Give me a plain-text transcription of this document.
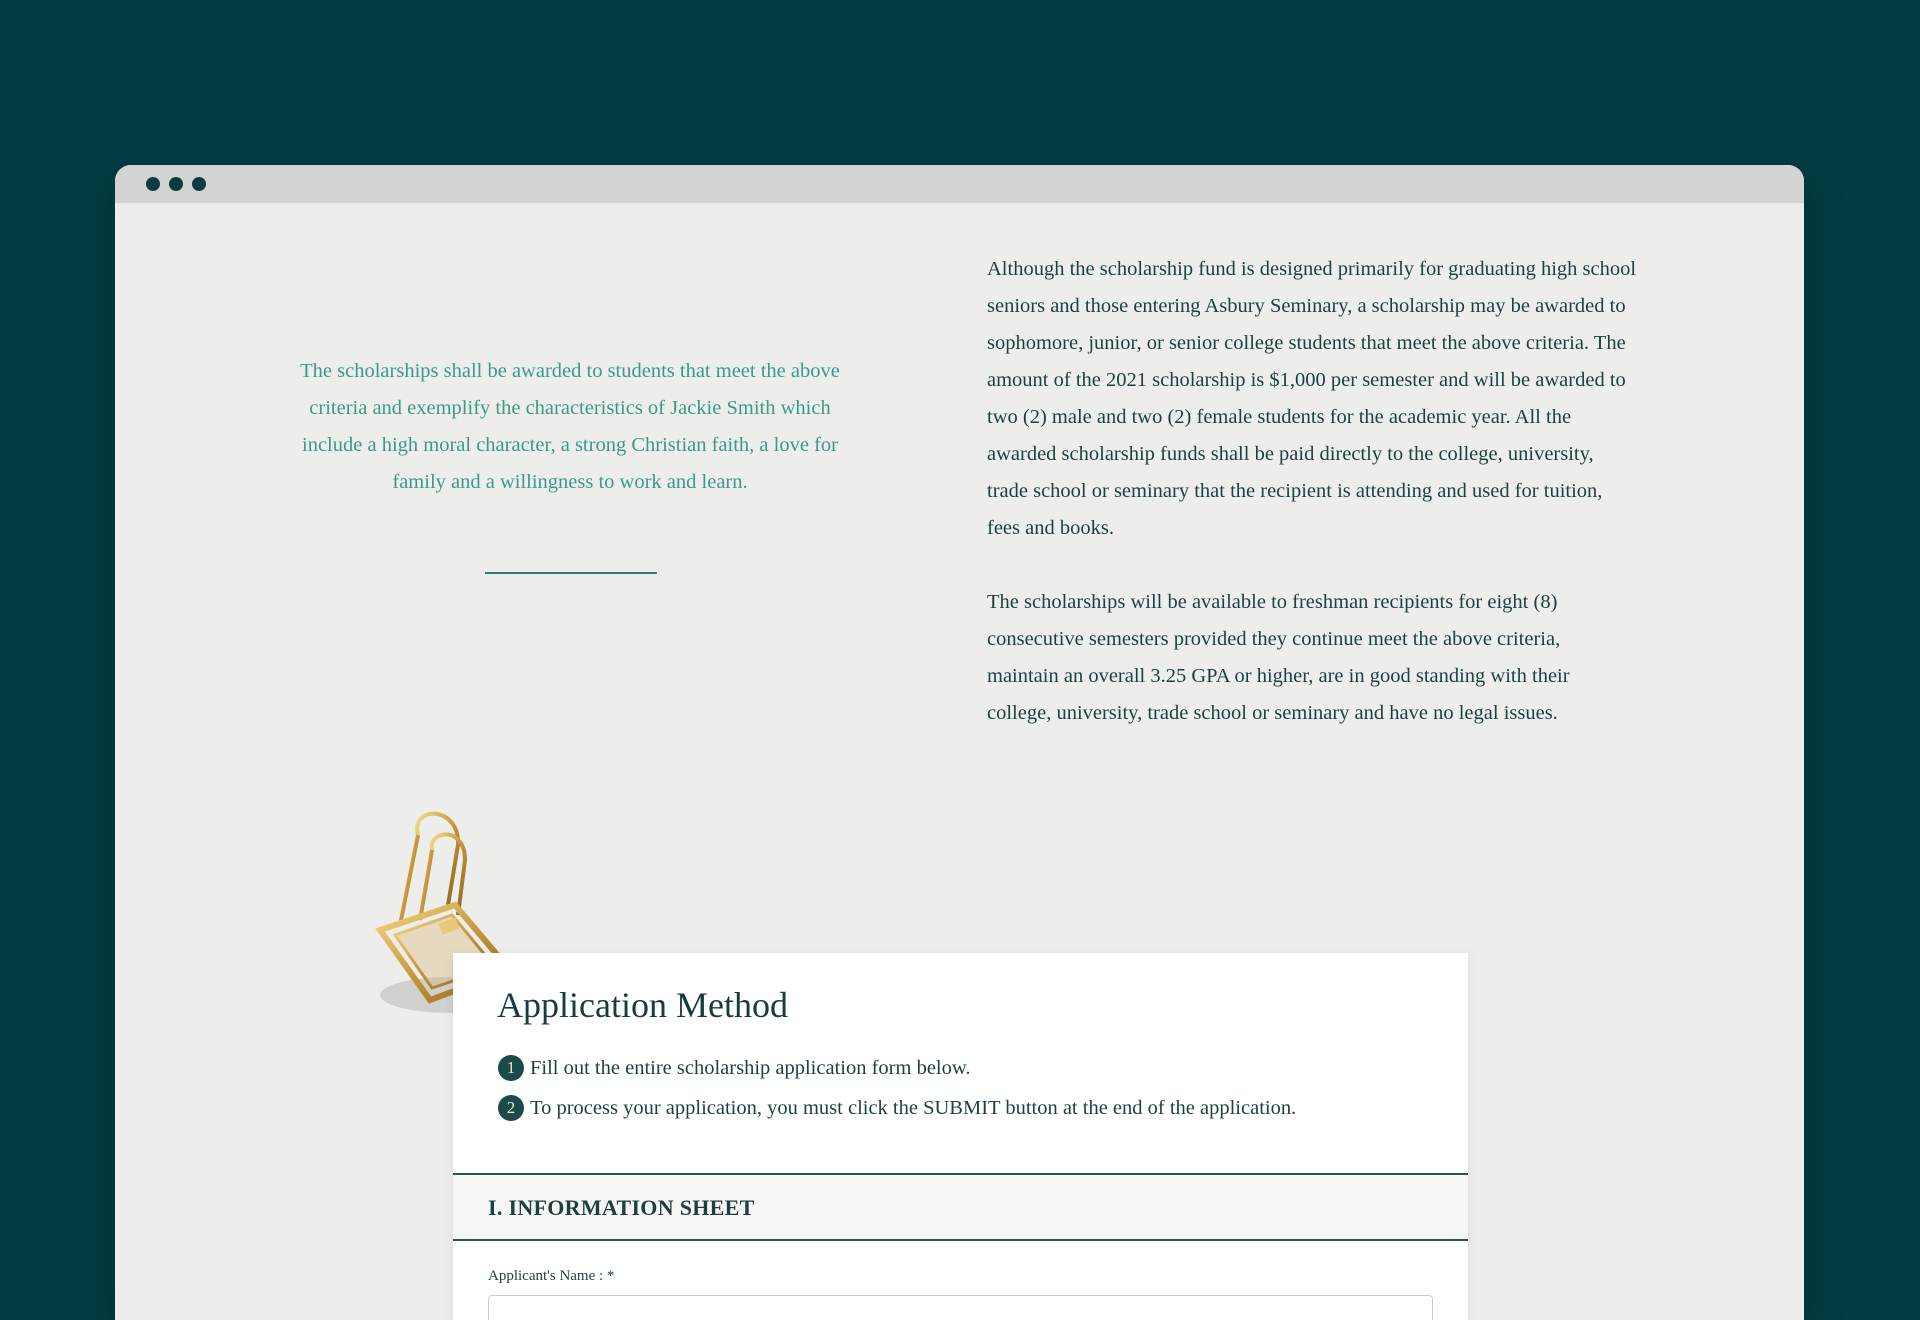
The scholarships shall be awarded to students that meet the above criteria and exemplify the characteristics of Jackie Smith which include a high moral character, a strong Christian faith, a love for family and a willingness to work and learn.

Although the scholarship fund is designed primarily for graduating high school seniors and those entering Asbury Seminary, a scholarship may be awarded to sophomore, junior, or senior college students that meet the above criteria. The amount of the 2021 scholarship is $1,000 per semester and will be awarded to two (2) male and two (2) female students for the academic year. All the awarded scholarship funds shall be paid directly to the college, university, trade school or seminary that the recipient is attending and used for tuition, fees and books.

The scholarships will be available to freshman recipients for eight (8) consecutive semesters provided they continue meet the above criteria, maintain an overall 3.25 GPA or higher, are in good standing with their college, university, trade school or seminary and have no legal issues.

Application Method
1 Fill out the entire scholarship application form below.
2 To process your application, you must click the SUBMIT button at the end of the application.
I. INFORMATION SHEET
Applicant's Name : *
